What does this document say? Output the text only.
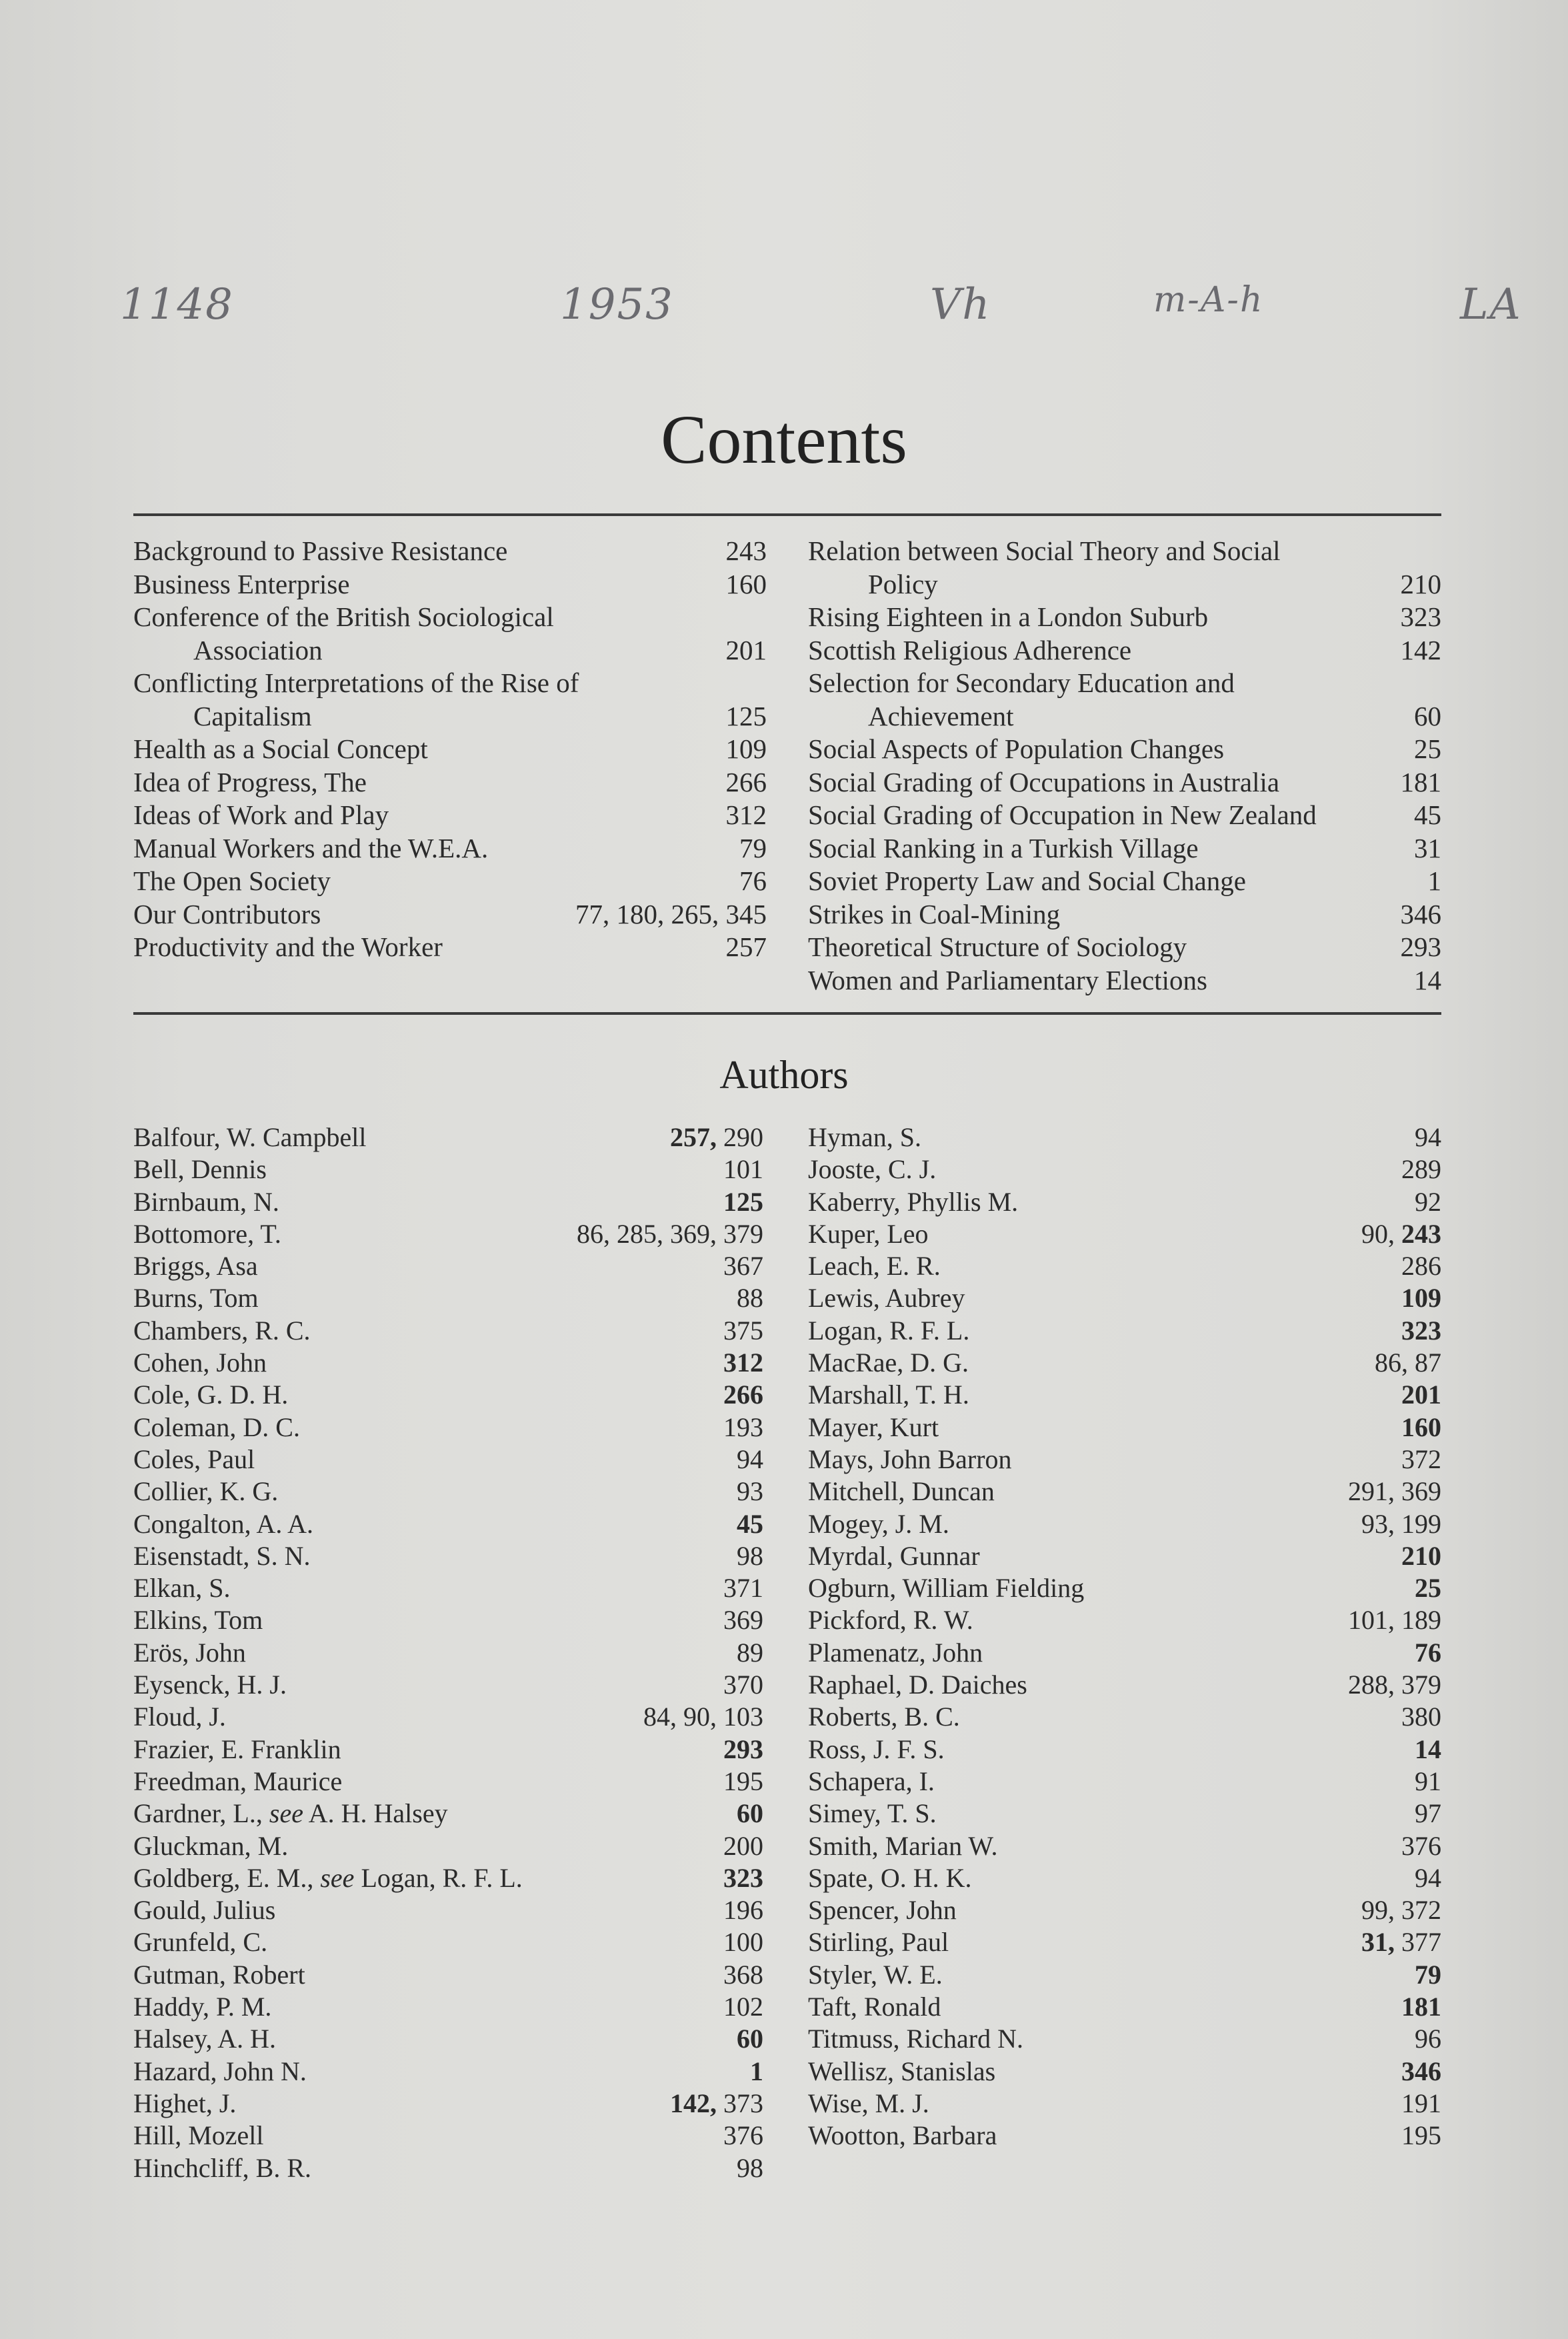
1148	1953	Vh	m-A-h	LA
Contents
Background to Passive Resistance	243
Business Enterprise	160
Conference of the British Sociological
Association	201
Conflicting Interpretations of the Rise of
Capitalism	125
Health as a Social Concept	109
Idea of Progress, The	266
Ideas of Work and Play	312
Manual Workers and the W.E.A.	79
The Open Society	76
Our Contributors	77, 180, 265, 345
Productivity and the Worker	257
Relation between Social Theory and Social
Policy	210
Rising Eighteen in a London Suburb	323
Scottish Religious Adherence	142
Selection for Secondary Education and
Achievement	60
Social Aspects of Population Changes	25
Social Grading of Occupations in Australia	181
Social Grading of Occupation in New Zealand	45
Social Ranking in a Turkish Village	31
Soviet Property Law and Social Change	1
Strikes in Coal-Mining	346
Theoretical Structure of Sociology	293
Women and Parliamentary Elections	14
Authors
Balfour, W. Campbell	257, 290
Bell, Dennis	101
Birnbaum, N.	125
Bottomore, T.	86, 285, 369, 379
Briggs, Asa	367
Burns, Tom	88
Chambers, R. C.	375
Cohen, John	312
Cole, G. D. H.	266
Coleman, D. C.	193
Coles, Paul	94
Collier, K. G.	93
Congalton, A. A.	45
Eisenstadt, S. N.	98
Elkan, S.	371
Elkins, Tom	369
Erös, John	89
Eysenck, H. J.	370
Floud, J.	84, 90, 103
Frazier, E. Franklin	293
Freedman, Maurice	195
Gardner, L., see A. H. Halsey	60
Gluckman, M.	200
Goldberg, E. M., see Logan, R. F. L.	323
Gould, Julius	196
Grunfeld, C.	100
Gutman, Robert	368
Haddy, P. M.	102
Halsey, A. H.	60
Hazard, John N.	1
Highet, J.	142, 373
Hill, Mozell	376
Hinchcliff, B. R.	98
Hyman, S.	94
Jooste, C. J.	289
Kaberry, Phyllis M.	92
Kuper, Leo	90, 243
Leach, E. R.	286
Lewis, Aubrey	109
Logan, R. F. L.	323
MacRae, D. G.	86, 87
Marshall, T. H.	201
Mayer, Kurt	160
Mays, John Barron	372
Mitchell, Duncan	291, 369
Mogey, J. M.	93, 199
Myrdal, Gunnar	210
Ogburn, William Fielding	25
Pickford, R. W.	101, 189
Plamenatz, John	76
Raphael, D. Daiches	288, 379
Roberts, B. C.	380
Ross, J. F. S.	14
Schapera, I.	91
Simey, T. S.	97
Smith, Marian W.	376
Spate, O. H. K.	94
Spencer, John	99, 372
Stirling, Paul	31, 377
Styler, W. E.	79
Taft, Ronald	181
Titmuss, Richard N.	96
Wellisz, Stanislas	346
Wise, M. J.	191
Wootton, Barbara	195
